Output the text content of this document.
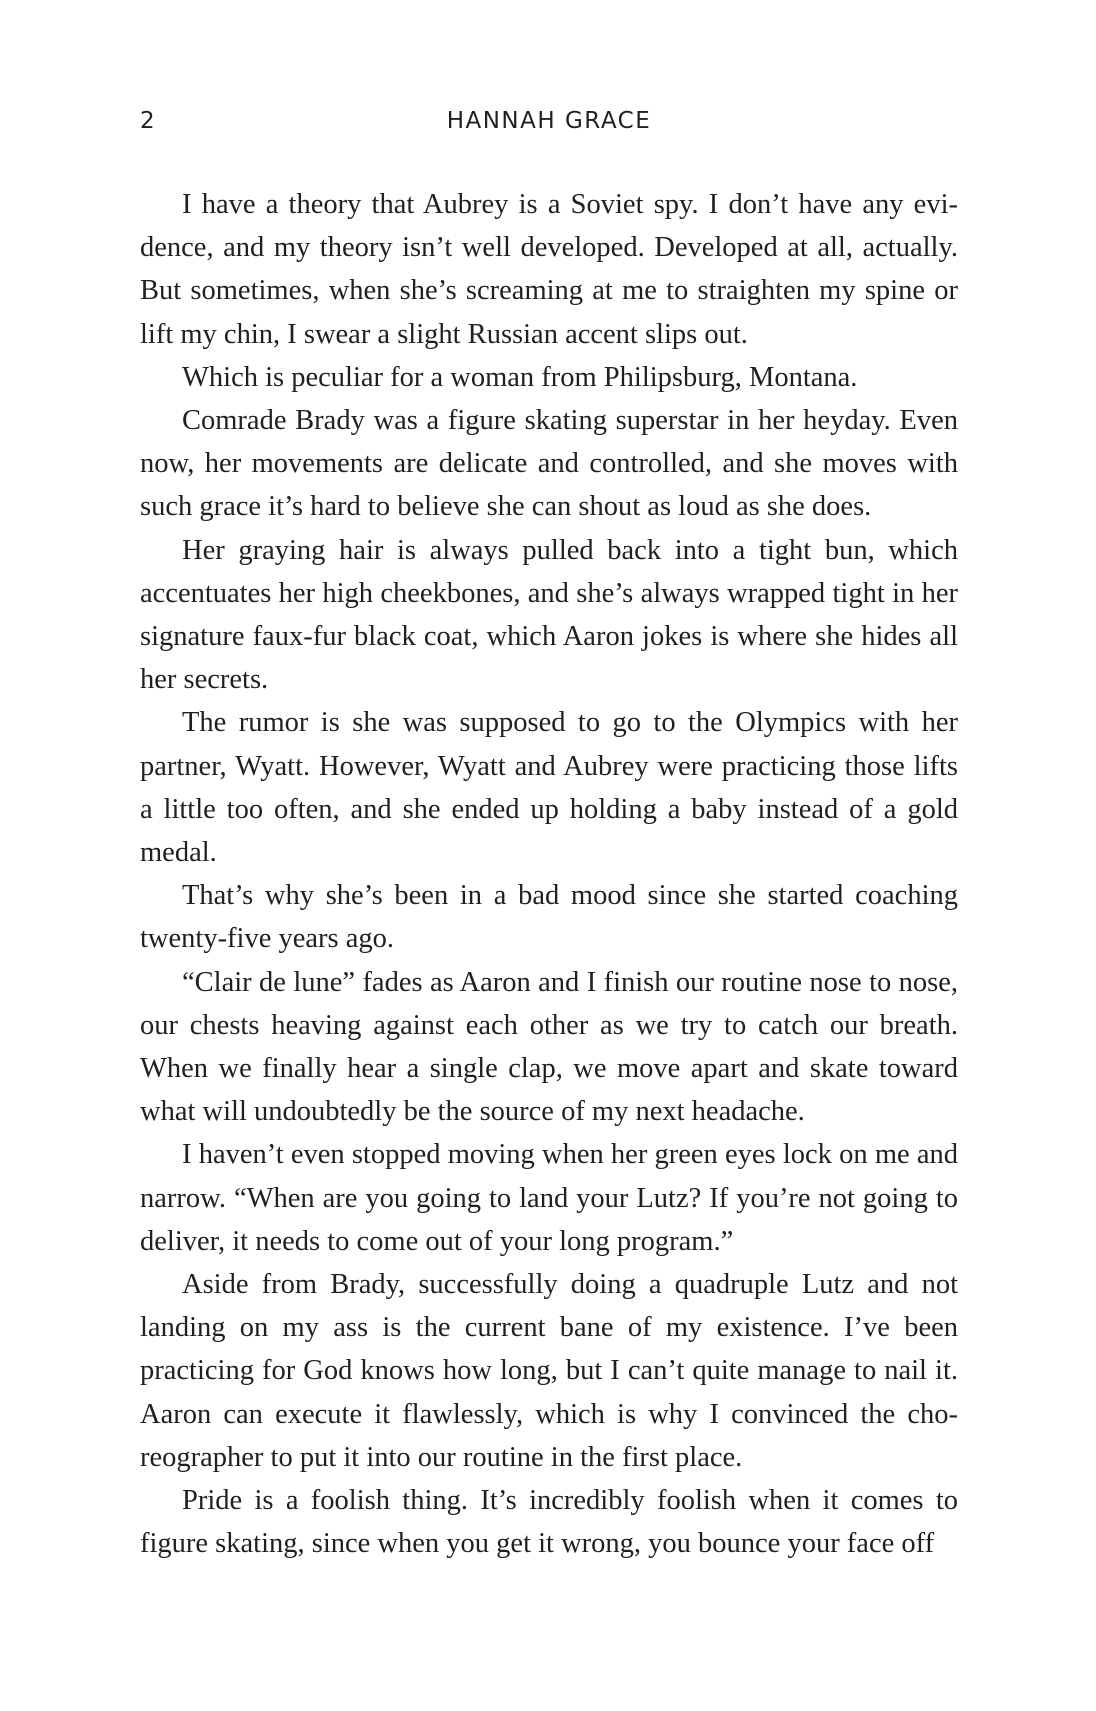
2	HANNAH GRACE

I have a theory that Aubrey is a Soviet spy. I don’t have any evidence, and my theory isn’t well developed. Developed at all, actually. But sometimes, when she’s screaming at me to straighten my spine or lift my chin, I swear a slight Russian accent slips out.

Which is peculiar for a woman from Philipsburg, Montana.

Comrade Brady was a figure skating superstar in her heyday. Even now, her movements are delicate and controlled, and she moves with such grace it’s hard to believe she can shout as loud as she does.

Her graying hair is always pulled back into a tight bun, which accentuates her high cheekbones, and she’s always wrapped tight in her signature faux-fur black coat, which Aaron jokes is where she hides all her secrets.

The rumor is she was supposed to go to the Olympics with her partner, Wyatt. However, Wyatt and Aubrey were practicing those lifts a little too often, and she ended up holding a baby instead of a gold medal.

That’s why she’s been in a bad mood since she started coaching twenty-five years ago.

“Clair de lune” fades as Aaron and I finish our routine nose to nose, our chests heaving against each other as we try to catch our breath. When we finally hear a single clap, we move apart and skate toward what will undoubtedly be the source of my next headache.

I haven’t even stopped moving when her green eyes lock on me and narrow. “When are you going to land your Lutz? If you’re not going to deliver, it needs to come out of your long program.”

Aside from Brady, successfully doing a quadruple Lutz and not landing on my ass is the current bane of my existence. I’ve been practicing for God knows how long, but I can’t quite manage to nail it. Aaron can execute it flawlessly, which is why I convinced the choreographer to put it into our routine in the first place.

Pride is a foolish thing. It’s incredibly foolish when it comes to figure skating, since when you get it wrong, you bounce your face off
